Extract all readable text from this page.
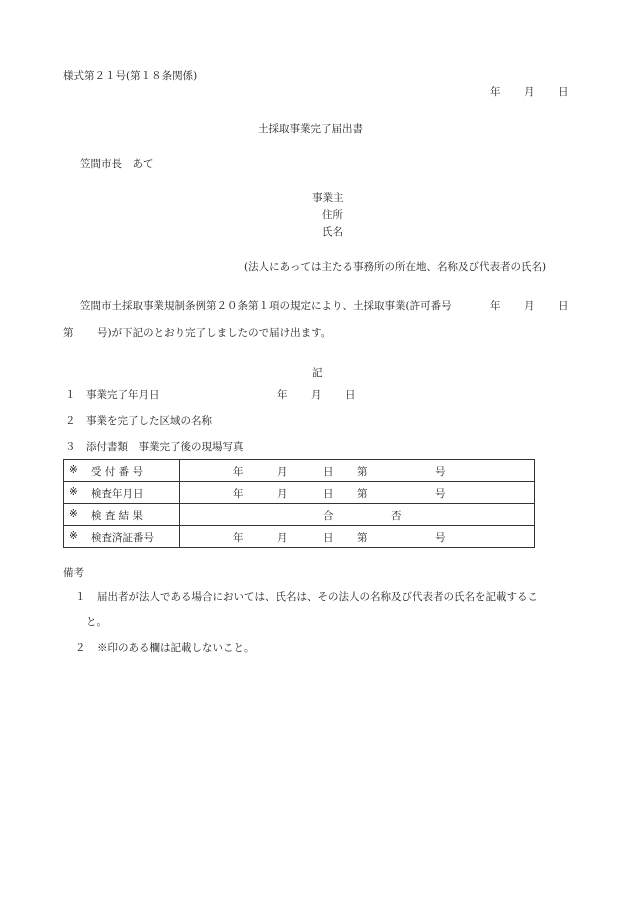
様式第２１号(第１８条関係)
年 月 日
土採取事業完了届出書
笠間市長　あて
事業主
住所
氏名
(法人にあっては主たる事務所の所在地、名称及び代表者の氏名)
笠間市土採取事業規制条例第２０条第１項の規定により、土採取事業(許可番号	年 月 日
第 号)が下記のとおり完了しましたので届け出ます。
記
１ 事業完了年月日	年 月 日
２ 事業を完了した区域の名称
３ 添付書類　事業完了後の現場写真
※ 受 付 番 号	年 月 日 第 号

※ 検査年月日	年 月 日 第 号

※ 検 査 結 果	合 否

※ 検査済証番号	年 月 日 第 号
備考
１ 届出者が法人である場合においては、氏名は、その法人の名称及び代表者の氏名を記載するこ
と。
２ ※印のある欄は記載しないこと。
